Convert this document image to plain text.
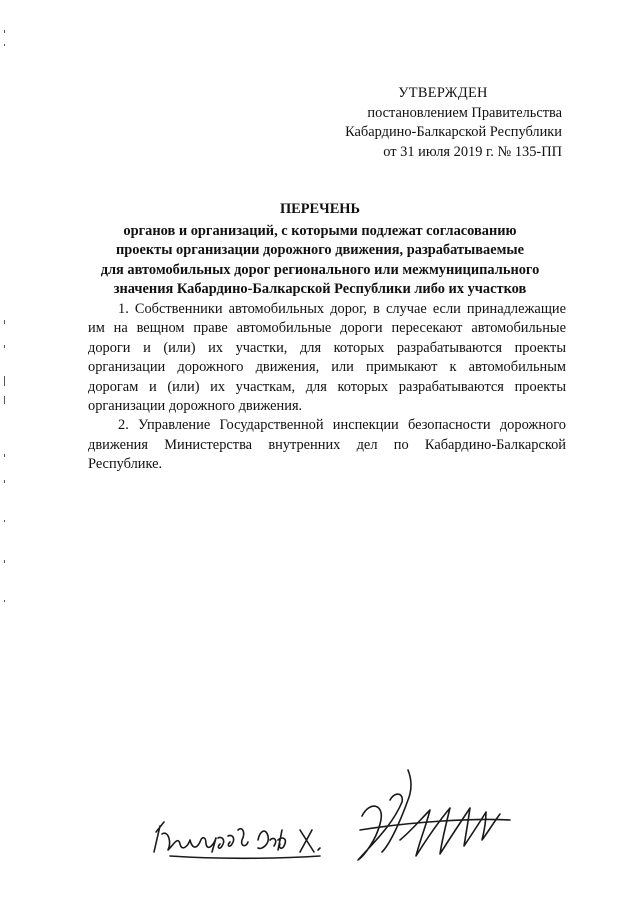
УТВЕРЖДЕН
постановлением Правительства
Кабардино-Балкарской Республики
от 31 июля 2019 г. № 135-ПП
ПЕРЕЧЕНЬ
органов и организаций, с которыми подлежат согласованию
проекты организации дорожного движения, разрабатываемые
для автомобильных дорог регионального или межмуниципального
значения Кабардино-Балкарской Республики либо их участков

1. Собственники автомобильных дорог, в случае если принадлежащие им на вещном праве автомобильные дороги пересекают автомобильные дороги и (или) их участки, для которых разрабатываются проекты организации дорожного движения, или примыкают к автомобильным дорогам и (или) их участкам, для которых разрабатываются проекты организации дорожного движения.

2. Управление Государственной инспекции безопасности дорожного движения Министерства внутренних дел по Кабардино-Балкарской Республике.
